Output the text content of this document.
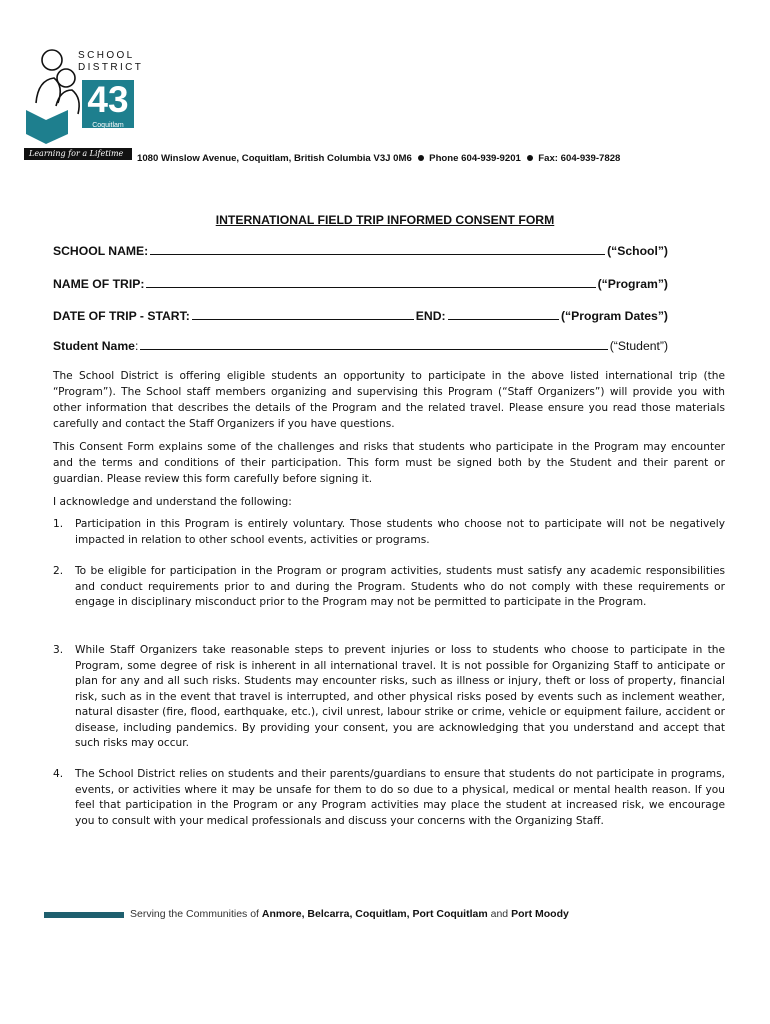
SCHOOL
DISTRICT
43
Coquitlam
Learning for a Lifetime	1080 Winslow Avenue, Coquitlam, British Columbia V3J 0M6 Phone 604-939-9201 Fax: 604-939-7828
INTERNATIONAL FIELD TRIP INFORMED CONSENT FORM
SCHOOL NAME:	(“School”)
NAME OF TRIP:	(“Program”)
DATE OF TRIP - START:	END:	(“Program Dates”)
Student Name :	(“Student”)
The School District is offering eligible students an opportunity to participate in the above listed international trip (the “Program”). The School staff members organizing and supervising this Program (“Staff Organizers”) will provide you with other information that describes the details of the Program and the related travel. Please ensure you read those materials carefully and contact the Staff Organizers if you have questions.
This Consent Form explains some of the challenges and risks that students who participate in the Program may encounter and the terms and conditions of their participation. This form must be signed both by the Student and their parent or guardian. Please review this form carefully before signing it.
I acknowledge and understand the following:
1. Participation in this Program is entirely voluntary. Those students who choose not to participate will not be negatively impacted in relation to other school events, activities or programs.
2. To be eligible for participation in the Program or program activities, students must satisfy any academic responsibilities and conduct requirements prior to and during the Program. Students who do not comply with these requirements or engage in disciplinary misconduct prior to the Program may not be permitted to participate in the Program.
3. While Staff Organizers take reasonable steps to prevent injuries or loss to students who choose to participate in the Program, some degree of risk is inherent in all international travel. It is not possible for Organizing Staff to anticipate or plan for any and all such risks. Students may encounter risks, such as illness or injury, theft or loss of property, financial risk, such as in the event that travel is interrupted, and other physical risks posed by events such as inclement weather, natural disaster (fire, flood, earthquake, etc.), civil unrest, labour strike or crime, vehicle or equipment failure, accident or disease, including pandemics. By providing your consent, you are acknowledging that you understand and accept that such risks may occur.
4. The School District relies on students and their parents/guardians to ensure that students do not participate in programs, events, or activities where it may be unsafe for them to do so due to a physical, medical or mental health reason. If you feel that participation in the Program or any Program activities may place the student at increased risk, we encourage you to consult with your medical professionals and discuss your concerns with the Organizing Staff.
Serving the Communities of Anmore, Belcarra, Coquitlam, Port Coquitlam and Port Moody
